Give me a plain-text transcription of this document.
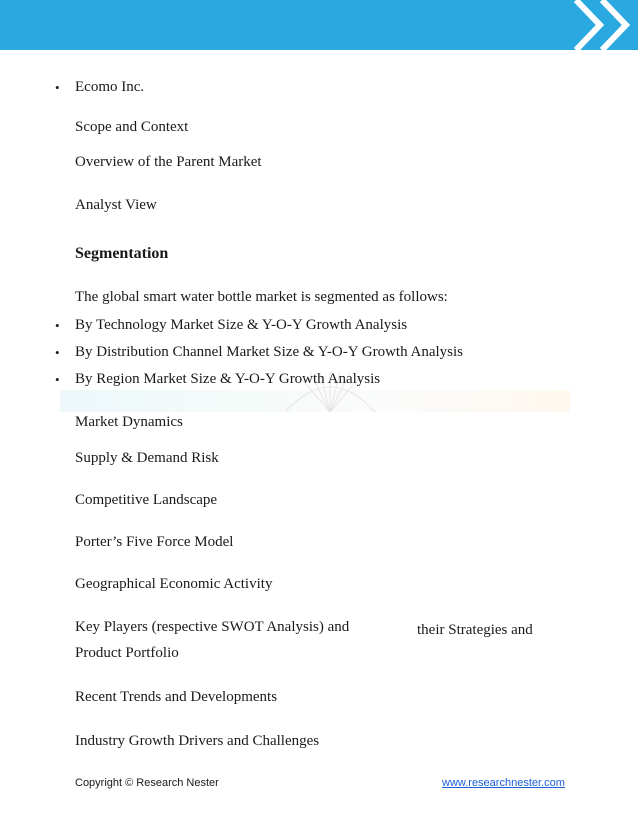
•	Ecomo Inc.
Scope and Context
Overview of the Parent Market
Analyst View
Segmentation
The global smart water bottle market is segmented as follows:
•	By Technology Market Size & Y-O-Y Growth Analysis
•	By Distribution Channel Market Size & Y-O-Y Growth Analysis
•	By Region Market Size & Y-O-Y Growth Analysis
Market Dynamics
Supply & Demand Risk
Competitive Landscape
Porter’s Five Force Model
Geographical Economic Activity
Key Players (respective SWOT Analysis) and	their Strategies and
Product Portfolio
Recent Trends and Developments
Industry Growth Drivers and Challenges
Copyright © Research Nester	www.researchnester.com
